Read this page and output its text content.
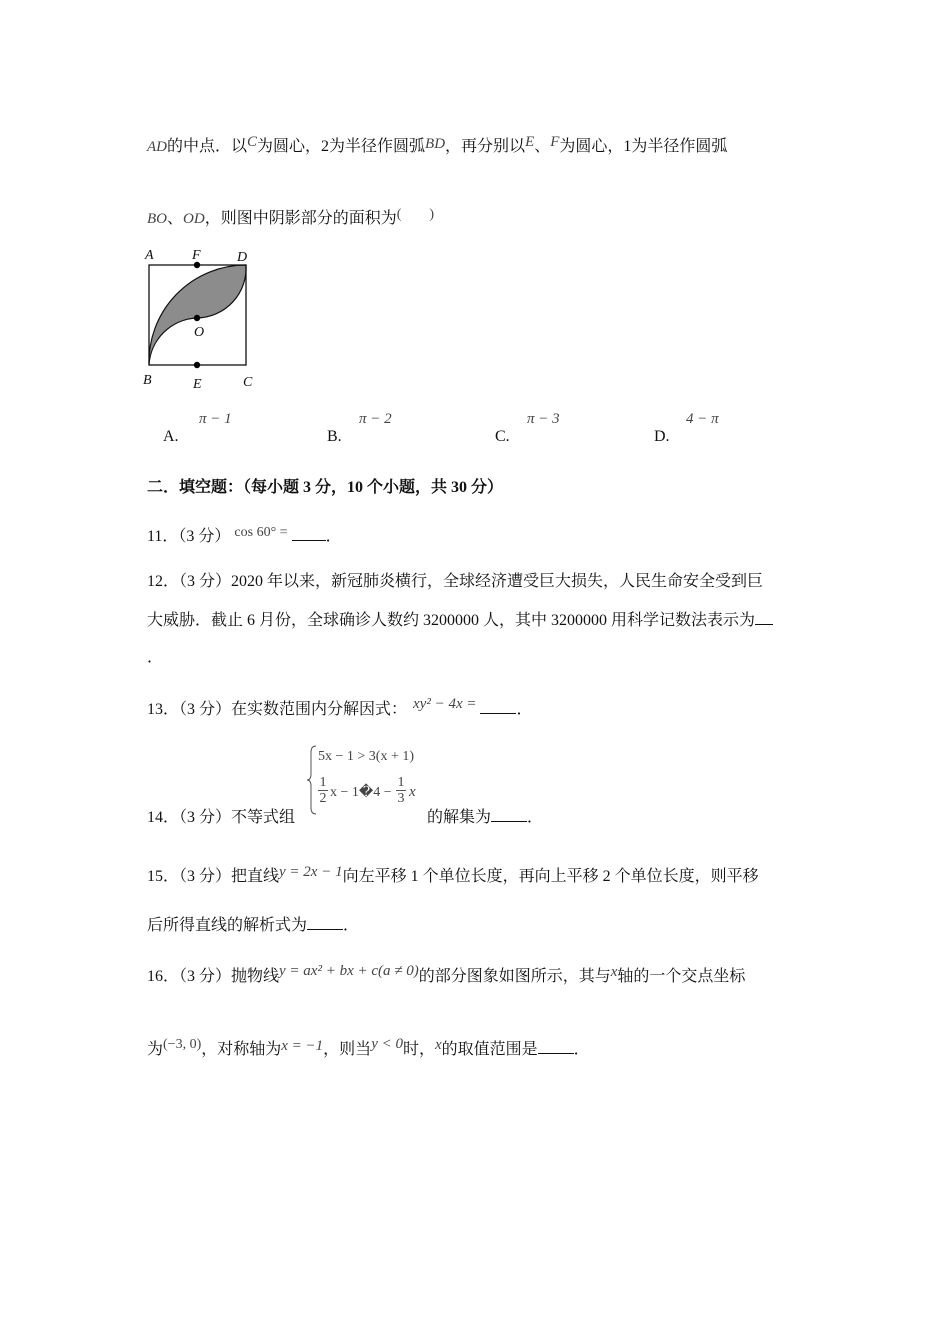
AD的中点．以C为圆心，2为半径作圆弧BD，再分别以E、F为圆心，1为半径作圆弧
BO、OD，则图中阴影部分的面积为(　　)
A	F	D
O
B	E	C
A.
π − 1
B.
π − 2
C.
π − 3
D.
4 − π
二．填空题：（每小题 3 分，10 个小题，共 30 分）
11．（3 分） cos 60° = ．
12．（3 分）2020 年以来，新冠肺炎横行，全球经济遭受巨大损失，人民生命安全受到巨
大威胁．截止 6 月份，全球确诊人数约 3200000 人，其中 3200000 用科学记数法表示为
．
13．（3 分）在实数范围内分解因式： xy² − 4x =	．
14．（3 分）不等式组
5x − 1 > 3(x + 1)
$\frac{1}{2}$ x − 1�4 − $\frac{1}{3}$ x
的解集为 ．
15．（3 分）把直线y = 2x − 1向左平移 1 个单位长度，再向上平移 2 个单位长度，则平移
后所得直线的解析式为 ．
16．（3 分）抛物线y = ax² + bx + c(a ≠ 0)的部分图象如图所示，其与x轴的一个交点坐标
为(−3, 0)，对称轴为x = −1，则当y < 0时，x的取值范围是 ．
